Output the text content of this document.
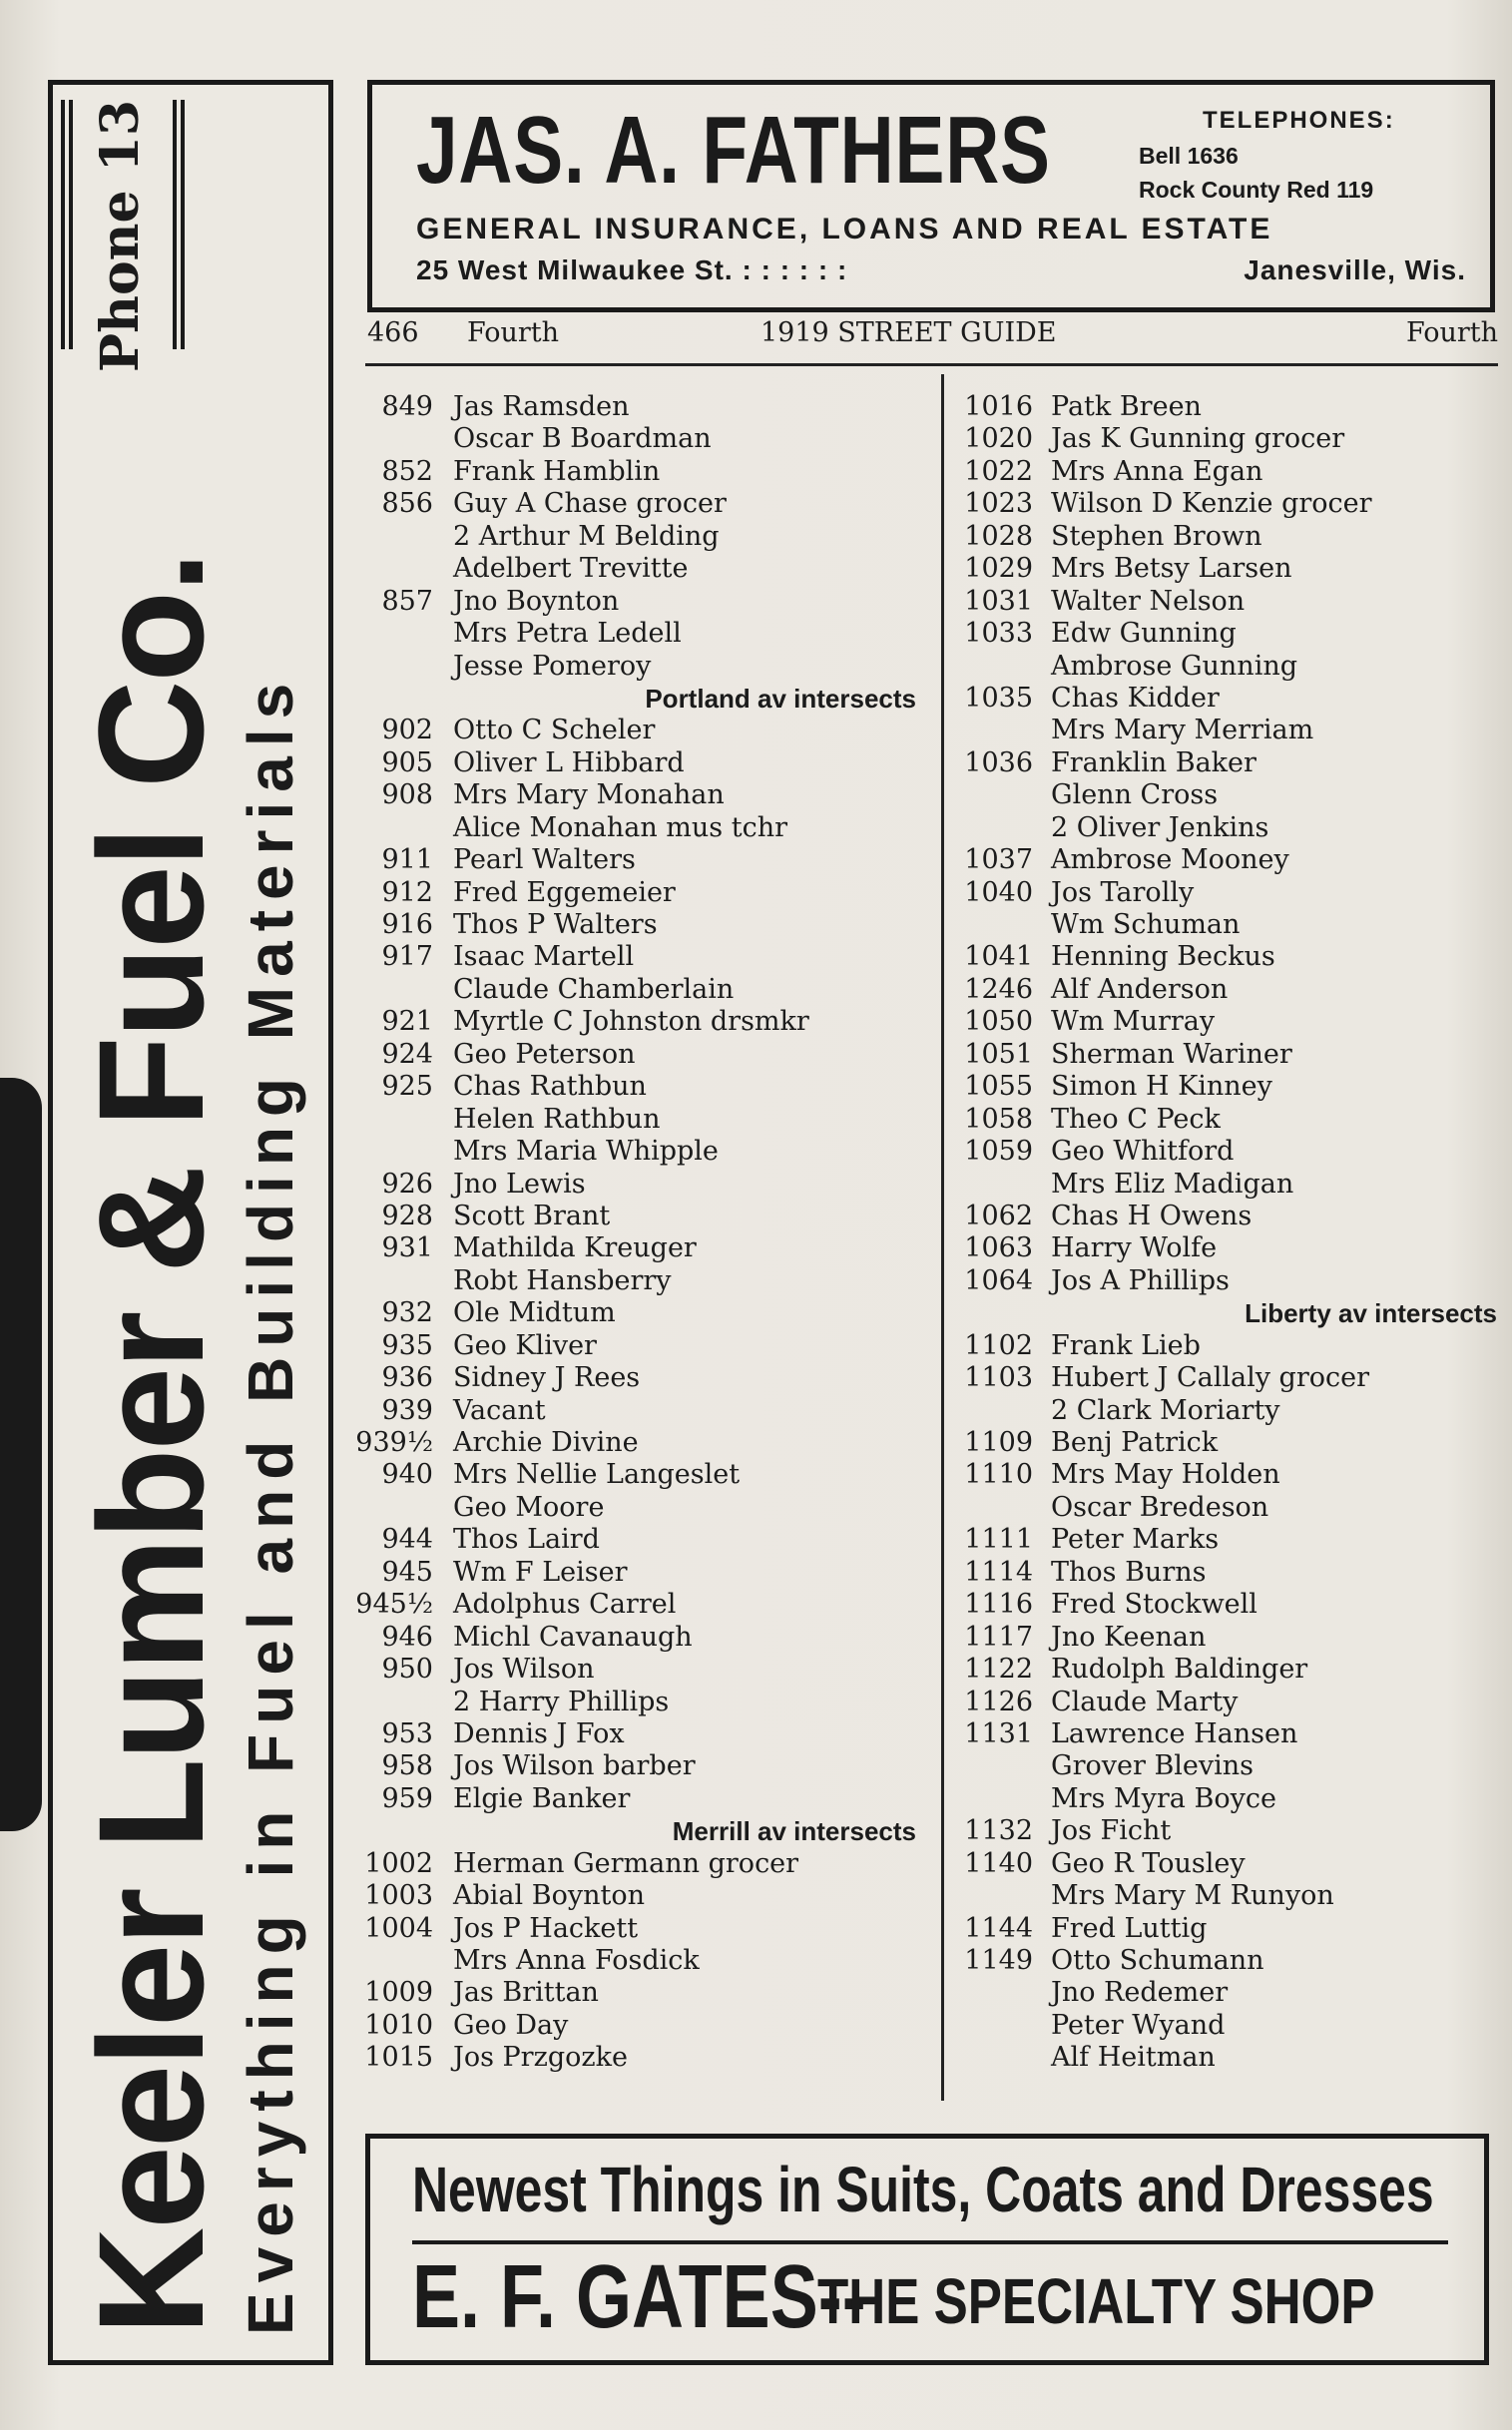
Keeler Lumber & Fuel Co. Everything in Fuel and Building Materials
Phone 13	JAS. A. FATHERS	TELEPHONES:
Bell 1636
Rock County Red 119
GENERAL INSURANCE, LOANS AND REAL ESTATE
25 West Milwaukee St. : : : : : :	Janesville, Wis.
466 Fourth	1919 STREET GUIDE	Fourth
849 Jas Ramsden
Oscar B Boardman
852 Frank Hamblin
856 Guy A Chase grocer
2 Arthur M Belding
Adelbert Trevitte
857 Jno Boynton
Mrs Petra Ledell
Jesse Pomeroy
Portland av intersects
902 Otto C Scheler
905 Oliver L Hibbard
908 Mrs Mary Monahan
Alice Monahan mus tchr
911 Pearl Walters
912 Fred Eggemeier
916 Thos P Walters
917 Isaac Martell
Claude Chamberlain
921 Myrtle C Johnston drsmkr
924 Geo Peterson
925 Chas Rathbun
Helen Rathbun
Mrs Maria Whipple
926 Jno Lewis
928 Scott Brant
931 Mathilda Kreuger
Robt Hansberry
932 Ole Midtum
935 Geo Kliver
936 Sidney J Rees
939 Vacant
939½ Archie Divine
940 Mrs Nellie Langeslet
Geo Moore
944 Thos Laird
945 Wm F Leiser
945½ Adolphus Carrel
946 Michl Cavanaugh
950 Jos Wilson
2 Harry Phillips
953 Dennis J Fox
958 Jos Wilson barber
959 Elgie Banker
Merrill av intersects
1002 Herman Germann grocer
1003 Abial Boynton
1004 Jos P Hackett
Mrs Anna Fosdick
1009 Jas Brittan
1010 Geo Day
1015 Jos Przgozke
1016 Patk Breen
1020 Jas K Gunning grocer
1022 Mrs Anna Egan
1023 Wilson D Kenzie grocer
1028 Stephen Brown
1029 Mrs Betsy Larsen
1031 Walter Nelson
1033 Edw Gunning
Ambrose Gunning
1035 Chas Kidder
Mrs Mary Merriam
1036 Franklin Baker
Glenn Cross
2 Oliver Jenkins
1037 Ambrose Mooney
1040 Jos Tarolly
Wm Schuman
1041 Henning Beckus
1246 Alf Anderson
1050 Wm Murray
1051 Sherman Wariner
1055 Simon H Kinney
1058 Theo C Peck
1059 Geo Whitford
Mrs Eliz Madigan
1062 Chas H Owens
1063 Harry Wolfe
1064 Jos A Phillips
Liberty av intersects
1102 Frank Lieb
1103 Hubert J Callaly grocer
2 Clark Moriarty
1109 Benj Patrick
1110 Mrs May Holden
Oscar Bredeson
1111 Peter Marks
1114 Thos Burns
1116 Fred Stockwell
1117 Jno Keenan
1122 Rudolph Baldinger
1126 Claude Marty
1131 Lawrence Hansen
Grover Blevins
Mrs Myra Boyce
1132 Jos Ficht
1140 Geo R Tousley
Mrs Mary M Runyon
1144 Fred Luttig
1149 Otto Schumann
Jno Redemer
Peter Wyand
Alf Heitman
Newest Things in Suits, Coats and Dresses
E. F. GATES--
THE SPECIALTY SHOP
